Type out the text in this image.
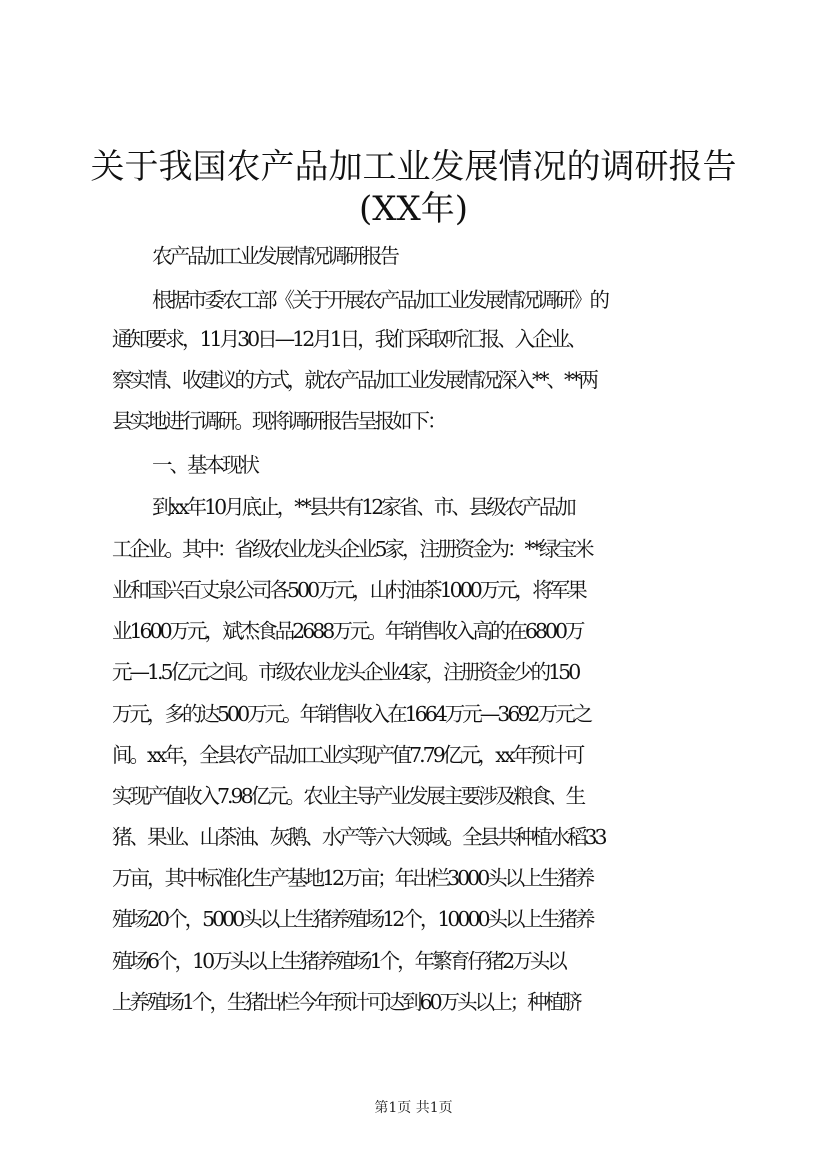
关于我国农产品加工业发展情况的调研报告
(XX年)
农产品加工业发展情况调研报告
根据市委农工部《关于开展农产品加工业发展情况调研》的
通知要求，11月30日—12月1日，我们采取听汇报、入企业、
察实情、收建议的方式，就农产品加工业发展情况深入**、**两
县实地进行调研。现将调研报告呈报如下：
一、基本现状
到xx年10月底止，**县共有12家省、市、县级农产品加
工企业。其中：省级农业龙头企业5家，注册资金为：**绿宝米
业和国兴百丈泉公司各500万元，山村油茶1000万元，将军果
业1600万元，斌杰食品2688万元。年销售收入高的在6800万
元—1.5亿元之间。市级农业龙头企业4家，注册资金少的150
万元，多的达500万元。年销售收入在1664万元—3692万元之
间。xx年，全县农产品加工业实现产值7.79亿元，xx年预计可
实现产值收入7.98亿元。农业主导产业发展主要涉及粮食、生
猪、果业、山茶油、灰鹅、水产等六大领域。全县共种植水稻33
万亩，其中标准化生产基地12万亩；年出栏3000头以上生猪养
殖场20个，5000头以上生猪养殖场12个，10000头以上生猪养
殖场6个，10万头以上生猪养殖场1个，年繁育仔猪2万头以
上养殖场1个，生猪出栏今年预计可达到60万头以上；种植脐
第1页 共1页
